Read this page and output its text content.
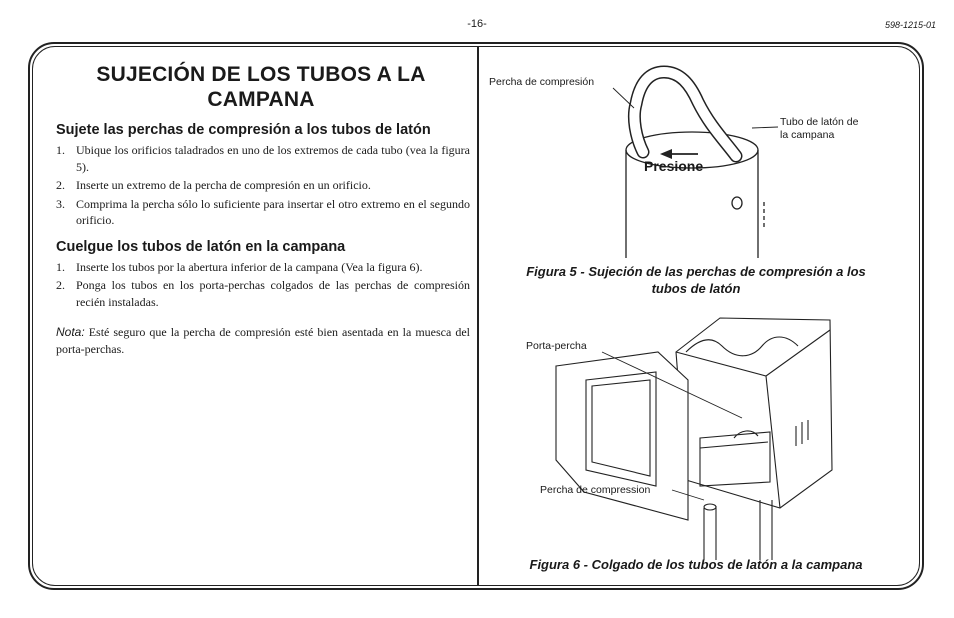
-16-	598-1215-01
SUJECIÓN DE LOS TUBOS A LA
CAMPANA
Sujete las perchas de compresión a los tubos de latón
1. Ubique los orificios taladrados en uno de los extremos de cada tubo (vea la figura 5).
2. Inserte un extremo de la percha de compresión en un orificio.
3. Comprima la percha sólo lo suficiente para insertar el otro extremo en el segundo orificio.
Cuelgue los tubos de latón en la campana
1. Inserte los tubos por la abertura inferior de la campana (Vea la figura 6).
2. Ponga los tubos en los porta-perchas colgados de las perchas de compresión recién instaladas.

Nota: Esté seguro que la percha de compresión esté bien asentada en la muesca del porta-perchas.

Percha de compresión
Tubo de latón de
la campana
Presione
Figura 5 - Sujeción de las perchas de compresión a los
tubos de latón
Porta-percha
Percha de compression
Figura 6 - Colgado de los tubos de latón a la campana
